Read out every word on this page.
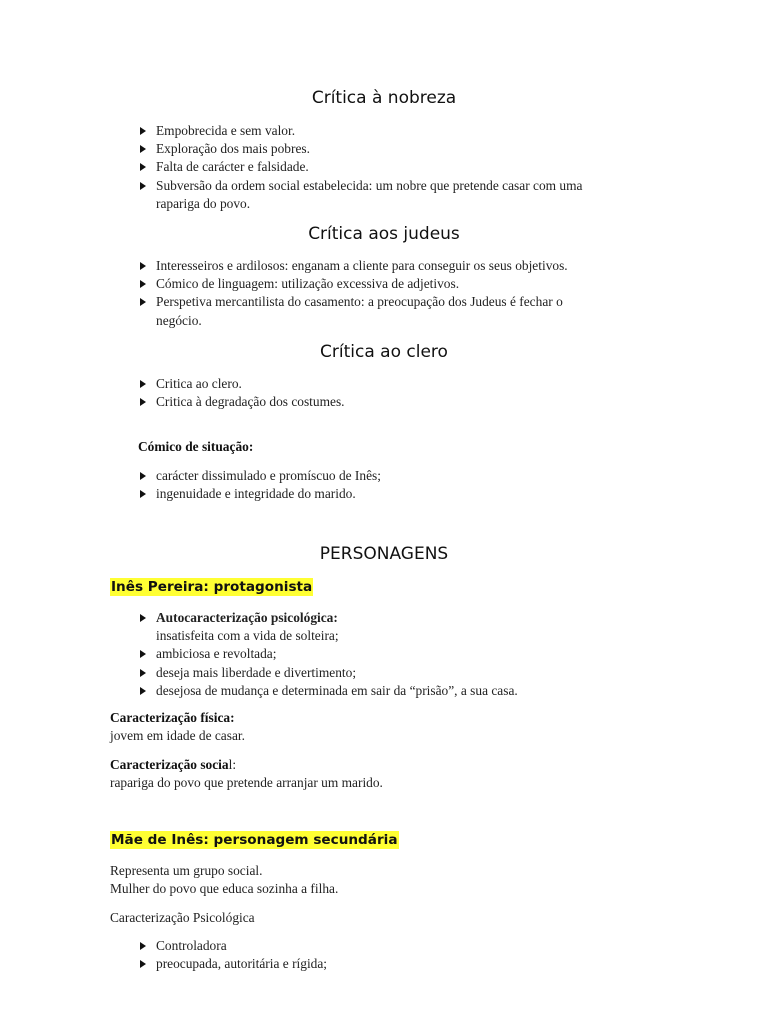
Crítica à nobreza
Empobrecida e sem valor.
Exploração dos mais pobres.
Falta de carácter e falsidade.
Subversão da ordem social estabelecida: um nobre que pretende casar com uma
rapariga do povo.
Crítica aos judeus
Interesseiros e ardilosos: enganam a cliente para conseguir os seus objetivos.
Cómico de linguagem: utilização excessiva de adjetivos.
Perspetiva mercantilista do casamento: a preocupação dos Judeus é fechar o
negócio.
Crítica ao clero
Critica ao clero.
Critica à degradação dos costumes.
Cómico de situação:
carácter dissimulado e promíscuo de Inês;
ingenuidade e integridade do marido.
PERSONAGENS
Inês Pereira: protagonista
Autocaracterização psicológica:
insatisfeita com a vida de solteira;
ambiciosa e revoltada;
deseja mais liberdade e divertimento;
desejosa de mudança e determinada em sair da “prisão”, a sua casa.
Caracterização física:
jovem em idade de casar.
Caracterização social:
rapariga do povo que pretende arranjar um marido.
Mãe de Inês: personagem secundária
Representa um grupo social.
Mulher do povo que educa sozinha a filha.
Caracterização Psicológica
Controladora
preocupada, autoritária e rígida;
